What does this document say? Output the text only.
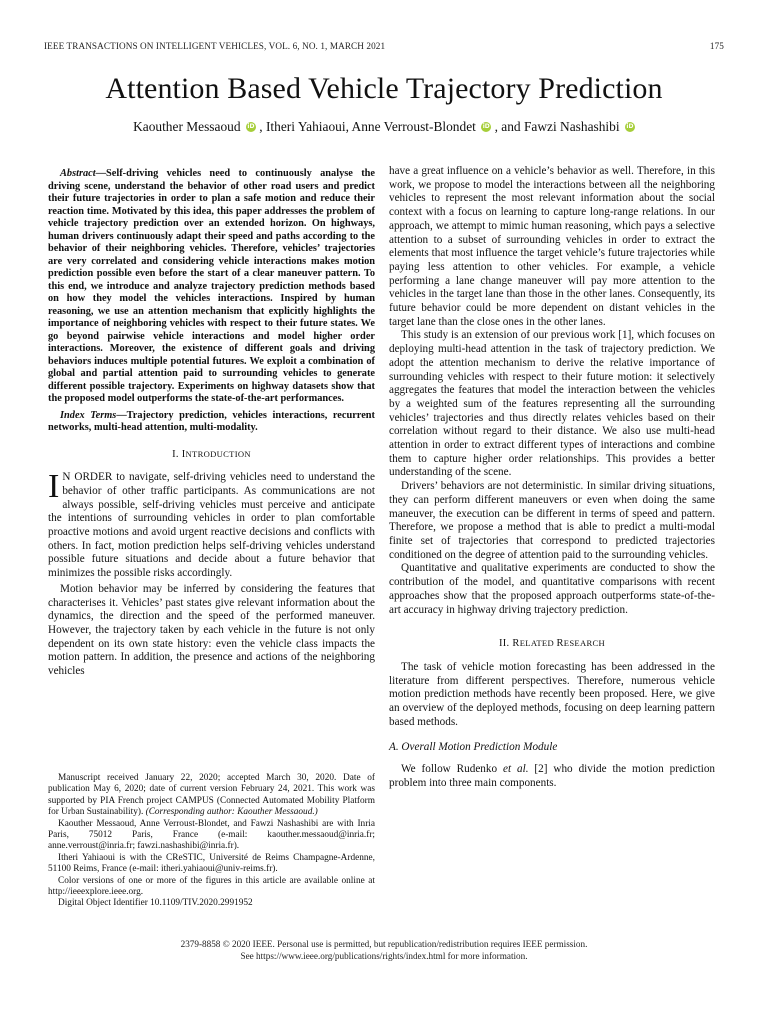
IEEE TRANSACTIONS ON INTELLIGENT VEHICLES, VOL. 6, NO. 1, MARCH 2021	175
Attention Based Vehicle Trajectory Prediction
Kaouther Messaoud iD , Itheri Yahiaoui, Anne Verroust-Blondet iD , and Fawzi Nashashibi iD

Abstract—Self-driving vehicles need to continuously analyse the driving scene, understand the behavior of other road users and predict their future trajectories in order to plan a safe motion and reduce their reaction time. Motivated by this idea, this paper addresses the problem of vehicle trajectory prediction over an extended horizon. On highways, human drivers continuously adapt their speed and paths according to the behavior of their neighboring vehicles. Therefore, vehicles’ trajectories are very correlated and considering vehicle interactions makes motion prediction possible even before the start of a clear maneuver pattern. To this end, we introduce and analyze trajectory prediction methods based on how they model the vehicles interactions. Inspired by human reasoning, we use an attention mechanism that explicitly highlights the importance of neighboring vehicles with respect to their future states. We go beyond pairwise vehicle interactions and model higher order interactions. Moreover, the existence of different goals and driving behaviors induces multiple potential futures. We exploit a combination of global and partial attention paid to surrounding vehicles to generate different possible trajectory. Experiments on highway datasets show that the proposed model outperforms the state-of-the-art performances.

Index Terms—Trajectory prediction, vehicles interactions, recurrent networks, multi-head attention, multi-modality.

I. INTRODUCTION

I N ORDER to navigate, self-driving vehicles need to understand the behavior of other traffic participants. As communications are not always possible, self-driving vehicles must perceive and anticipate the intentions of surrounding vehicles in order to plan comfortable proactive motions and avoid urgent reactive decisions and conflicts with others. In fact, motion prediction helps self-driving vehicles understand possible future situations and decide about a future behavior that minimizes the possible risks accordingly.

Motion behavior may be inferred by considering the features that characterises it. Vehicles’ past states give relevant information about the dynamics, the direction and the speed of the performed maneuver. However, the trajectory taken by each vehicle in the future is not only dependent on its own state history: even the vehicle class impacts the motion pattern. In addition, the presence and actions of the neighboring vehicles

Manuscript received January 22, 2020; accepted March 30, 2020. Date of publication May 6, 2020; date of current version February 24, 2021. This work was supported by PIA French project CAMPUS (Connected Automated Mobility Platform for Urban Sustainability). (Corresponding author: Kaouther Messaoud.)

Kaouther Messaoud, Anne Verroust-Blondet, and Fawzi Nashashibi are with Inria Paris, 75012 Paris, France (e-mail: kaouther.messaoud@inria.fr; anne.verroust@inria.fr; fawzi.nashashibi@inria.fr).

Itheri Yahiaoui is with the CReSTIC, Université de Reims Champagne-Ardenne, 51100 Reims, France (e-mail: itheri.yahiaoui@univ-reims.fr).

Color versions of one or more of the figures in this article are available online at http://ieeexplore.ieee.org.

Digital Object Identifier 10.1109/TIV.2020.2991952

have a great influence on a vehicle’s behavior as well. Therefore, in this work, we propose to model the interactions between all the neighboring vehicles to represent the most relevant information about the social context with a focus on learning to capture long-range relations. In our approach, we attempt to mimic human reasoning, which pays a selective attention to a subset of surrounding vehicles in order to extract the elements that most influence the target vehicle’s future trajectories while paying less attention to other vehicles. For example, a vehicle performing a lane change maneuver will pay more attention to the vehicles in the target lane than those in the other lanes. Consequently, its future behavior could be more dependent on distant vehicles in the target lane than the close ones in the other lanes.

This study is an extension of our previous work [1], which focuses on deploying multi-head attention in the task of trajectory prediction. We adopt the attention mechanism to derive the relative importance of surrounding vehicles with respect to their future motion: it selectively aggregates the features that model the interaction between the vehicles by a weighted sum of the features representing all the surrounding vehicles’ trajectories and thus directly relates vehicles based on their correlation without regard to their distance. We also use multi-head attention in order to extract different types of interactions and combine them to capture higher order relationships. This provides a better understanding of the scene.

Drivers’ behaviors are not deterministic. In similar driving situations, they can perform different maneuvers or even when doing the same maneuver, the execution can be different in terms of speed and pattern. Therefore, we propose a method that is able to predict a multi-modal finite set of trajectories that correspond to predicted trajectories conditioned on the degree of attention paid to the surrounding vehicles.

Quantitative and qualitative experiments are conducted to show the contribution of the model, and quantitative comparisons with recent approaches show that the proposed approach outperforms state-of-the-art accuracy in highway driving trajectory prediction.

II. RELATED RESEARCH

The task of vehicle motion forecasting has been addressed in the literature from different perspectives. Therefore, numerous vehicle motion prediction methods have recently been proposed. Here, we give an overview of the deployed methods, focusing on deep learning pattern based methods.

A. Overall Motion Prediction Module

We follow Rudenko et al. [2] who divide the motion prediction problem into three main components.

2379-8858 © 2020 IEEE. Personal use is permitted, but republication/redistribution requires IEEE permission.
See https://www.ieee.org/publications/rights/index.html for more information.
